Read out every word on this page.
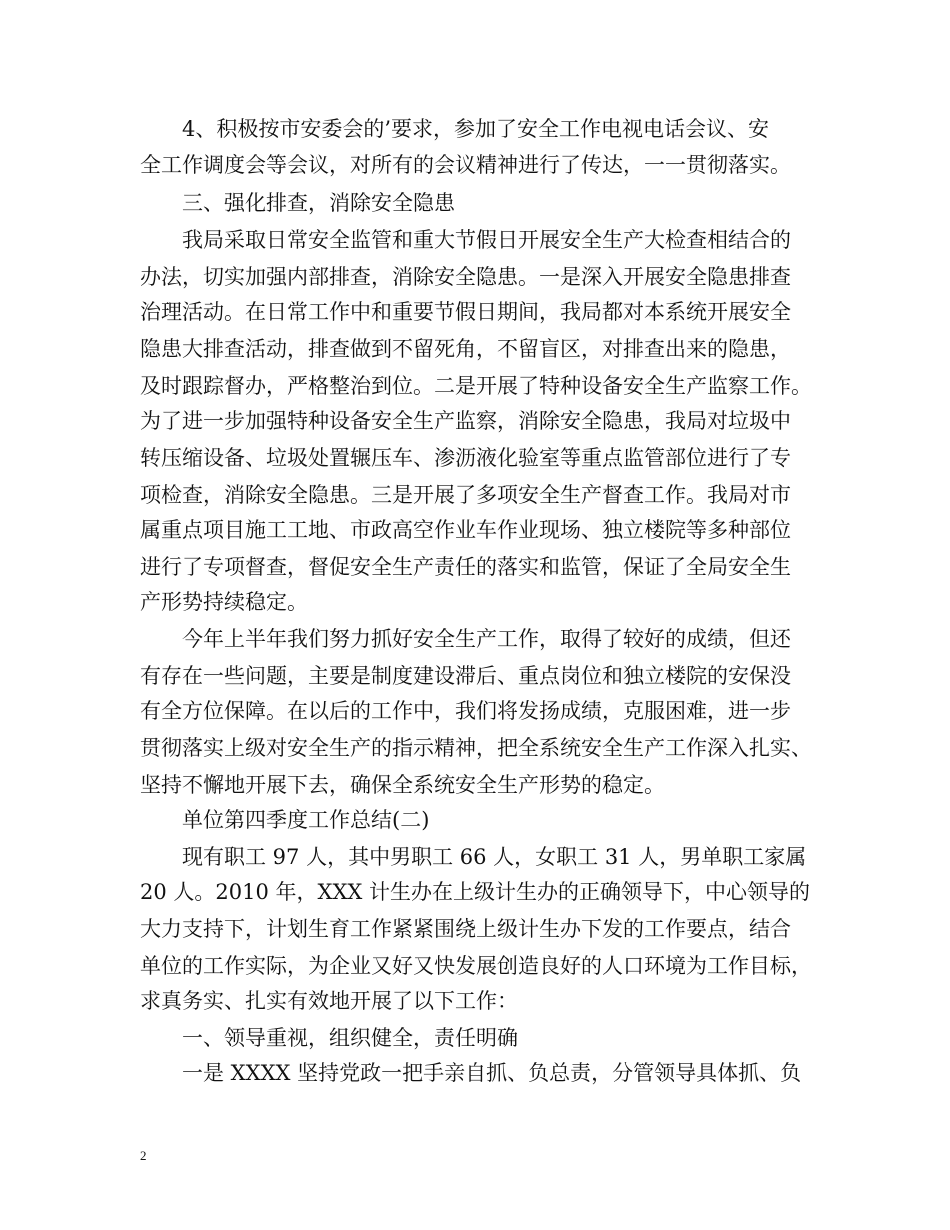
4、积极按市安委会的’要求，参加了安全工作电视电话会议、安
全工作调度会等会议，对所有的会议精神进行了传达，一一贯彻落实。
三、强化排查，消除安全隐患
我局采取日常安全监管和重大节假日开展安全生产大检查相结合的
办法，切实加强内部排查，消除安全隐患。一是深入开展安全隐患排查
治理活动。在日常工作中和重要节假日期间，我局都对本系统开展安全
隐患大排查活动，排查做到不留死角，不留盲区，对排查出来的隐患，
及时跟踪督办，严格整治到位。二是开展了特种设备安全生产监察工作。
为了进一步加强特种设备安全生产监察，消除安全隐患，我局对垃圾中
转压缩设备、垃圾处置辗压车、渗沥液化验室等重点监管部位进行了专
项检查，消除安全隐患。三是开展了多项安全生产督查工作。我局对市
属重点项目施工工地、市政高空作业车作业现场、独立楼院等多种部位
进行了专项督查，督促安全生产责任的落实和监管，保证了全局安全生
产形势持续稳定。
今年上半年我们努力抓好安全生产工作，取得了较好的成绩，但还
有存在一些问题，主要是制度建设滞后、重点岗位和独立楼院的安保没
有全方位保障。在以后的工作中，我们将发扬成绩，克服困难，进一步
贯彻落实上级对安全生产的指示精神，把全系统安全生产工作深入扎实、
坚持不懈地开展下去，确保全系统安全生产形势的稳定。
单位第四季度工作总结(二)
现有职工 97 人，其中男职工 66 人，女职工 31 人，男单职工家属
20 人。2010 年，XXX 计生办在上级计生办的正确领导下，中心领导的
大力支持下，计划生育工作紧紧围绕上级计生办下发的工作要点，结合
单位的工作实际，为企业又好又快发展创造良好的人口环境为工作目标，
求真务实、扎实有效地开展了以下工作：
一、领导重视，组织健全，责任明确
一是 XXXX 坚持党政一把手亲自抓、负总责，分管领导具体抓、负
2
